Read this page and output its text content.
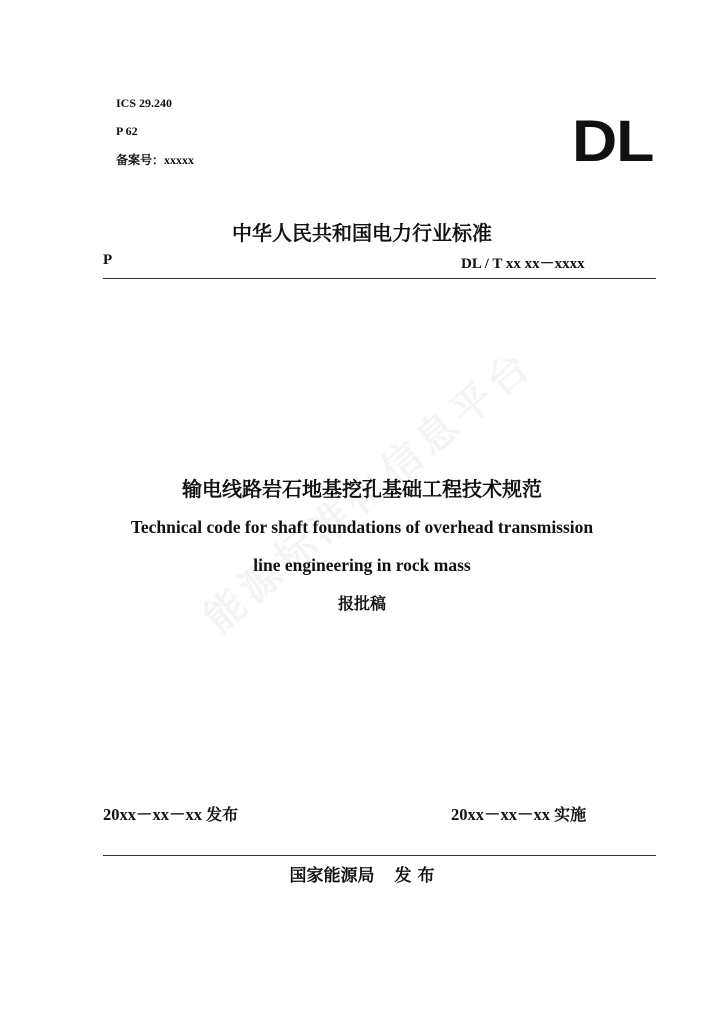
ICS 29.240
P 62
备案号：xxxxx	DL
中华人民共和国电力行业标准
P	DL / T xx xx－xxxx
输电线路岩石地基挖孔基础工程技术规范
Technical code for shaft foundations of overhead transmission
line engineering in rock mass
报批稿
20xx－xx－xx 发布	20xx－xx－xx 实施
国家能源局 发 布
